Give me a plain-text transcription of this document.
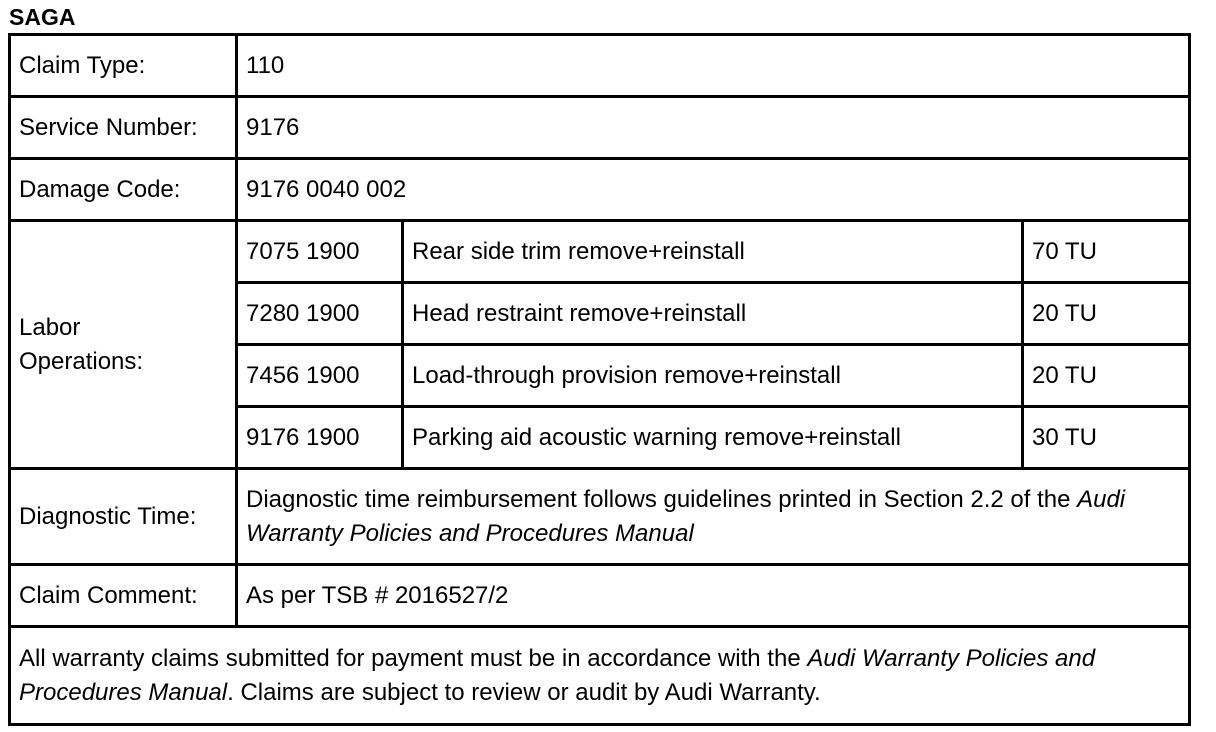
SAGA
Claim Type:	110		
Service Number:	9176		
Damage Code:	9176 0040 002		
Labor
Operations:	7075 1900	Rear side trim remove+reinstall	70 TU
	7280 1900	Head restraint remove+reinstall	20 TU
	7456 1900	Load-through provision remove+reinstall	20 TU
	9176 1900	Parking aid acoustic warning remove+reinstall	30 TU
Diagnostic Time:	Diagnostic time reimbursement follows guidelines printed in Section 2.2 of the Audi Warranty Policies and Procedures Manual		
Claim Comment:	As per TSB # 2016527/2		
All warranty claims submitted for payment must be in accordance with the Audi Warranty Policies and Procedures Manual. Claims are subject to review or audit by Audi Warranty.			
